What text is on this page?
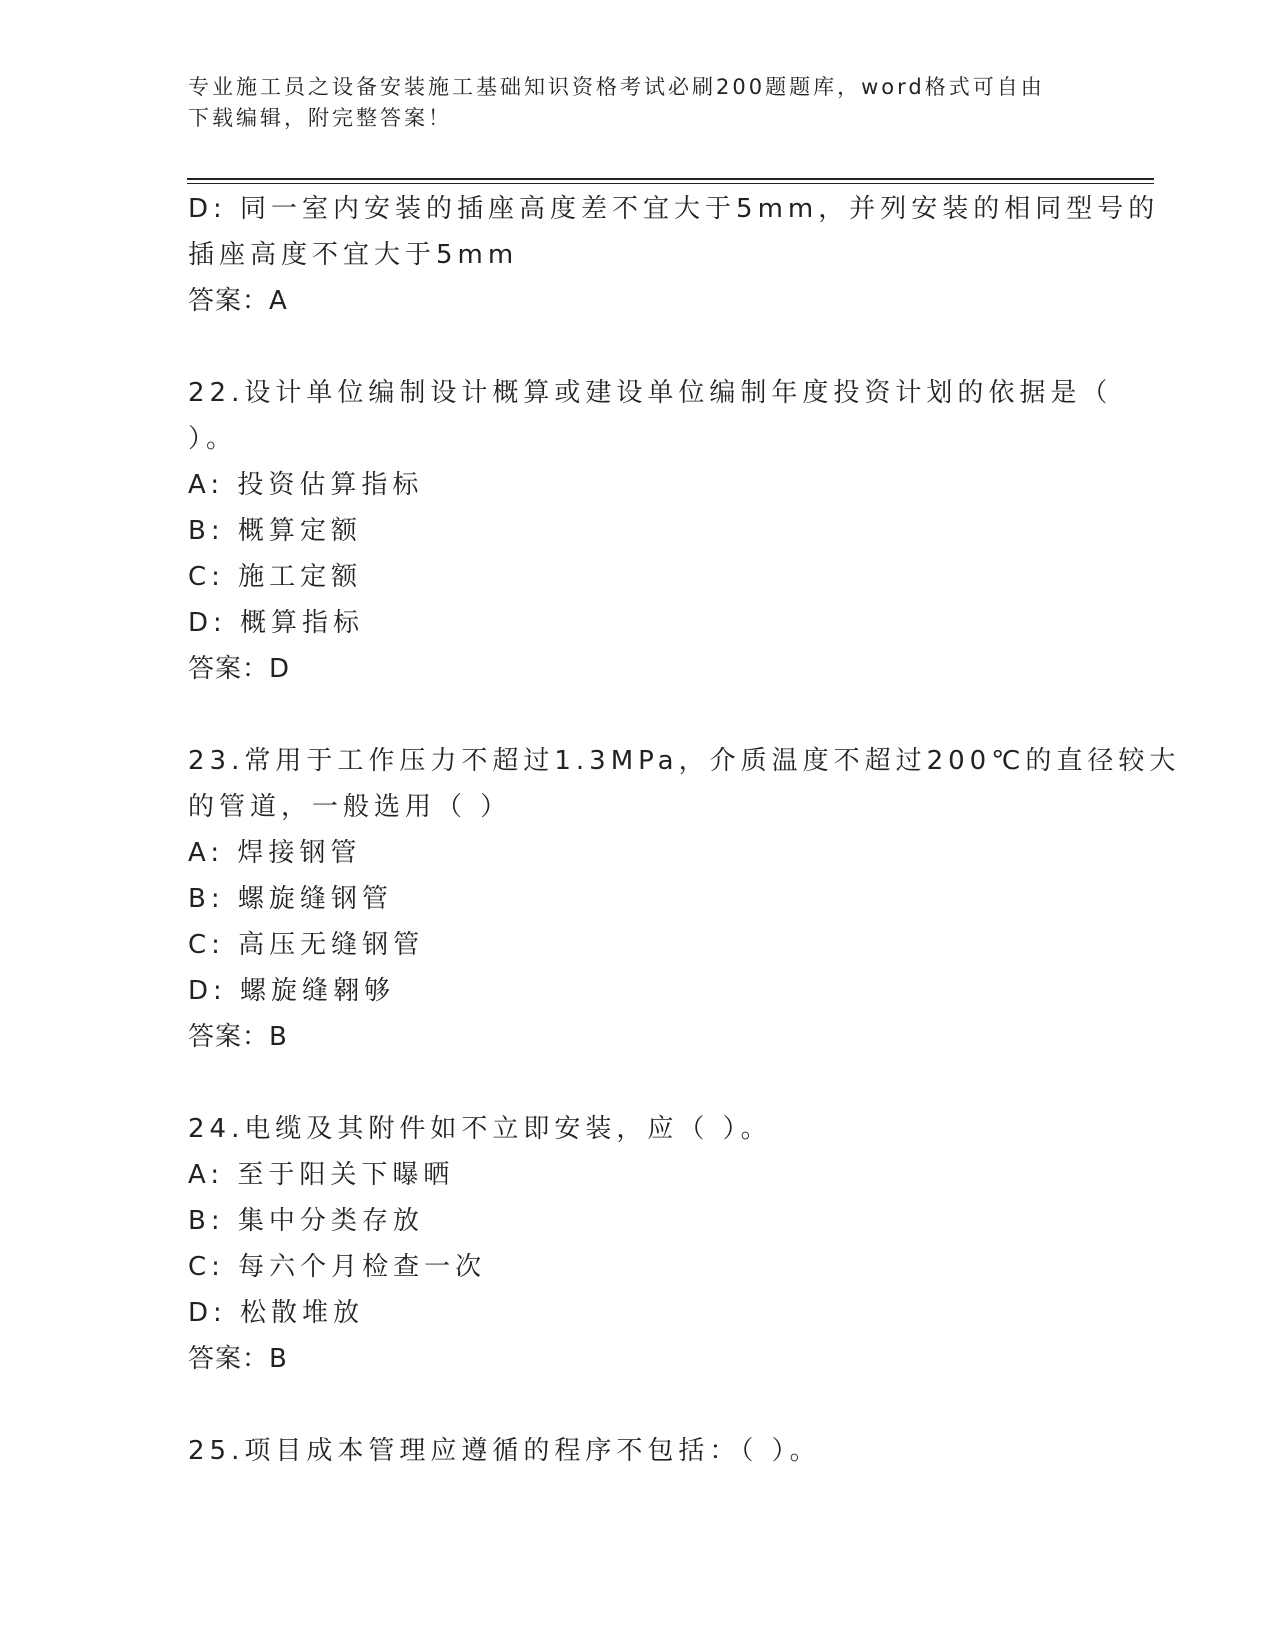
专业施工员之设备安装施工基础知识资格考试必刷200题题库，word格式可自由
下载编辑，附完整答案！
D: 同一室内安装的插座高度差不宜大于5mm，并列安装的相同型号的
插座高度不宜大于5mm
答案：A
22.设计单位编制设计概算或建设单位编制年度投资计划的依据是（
）。
A: 投资估算指标
B: 概算定额
C: 施工定额
D: 概算指标
答案：D
23.常用于工作压力不超过1.3MPa，介质温度不超过200℃的直径较大
的管道，一般选用（ ）
A: 焊接钢管
B: 螺旋缝钢管
C: 高压无缝钢管
D: 螺旋缝翱够
答案：B
24.电缆及其附件如不立即安装，应（ ）。
A: 至于阳关下曝晒
B: 集中分类存放
C: 每六个月检查一次
D: 松散堆放
答案：B
25.项目成本管理应遵循的程序不包括：（ ）。
